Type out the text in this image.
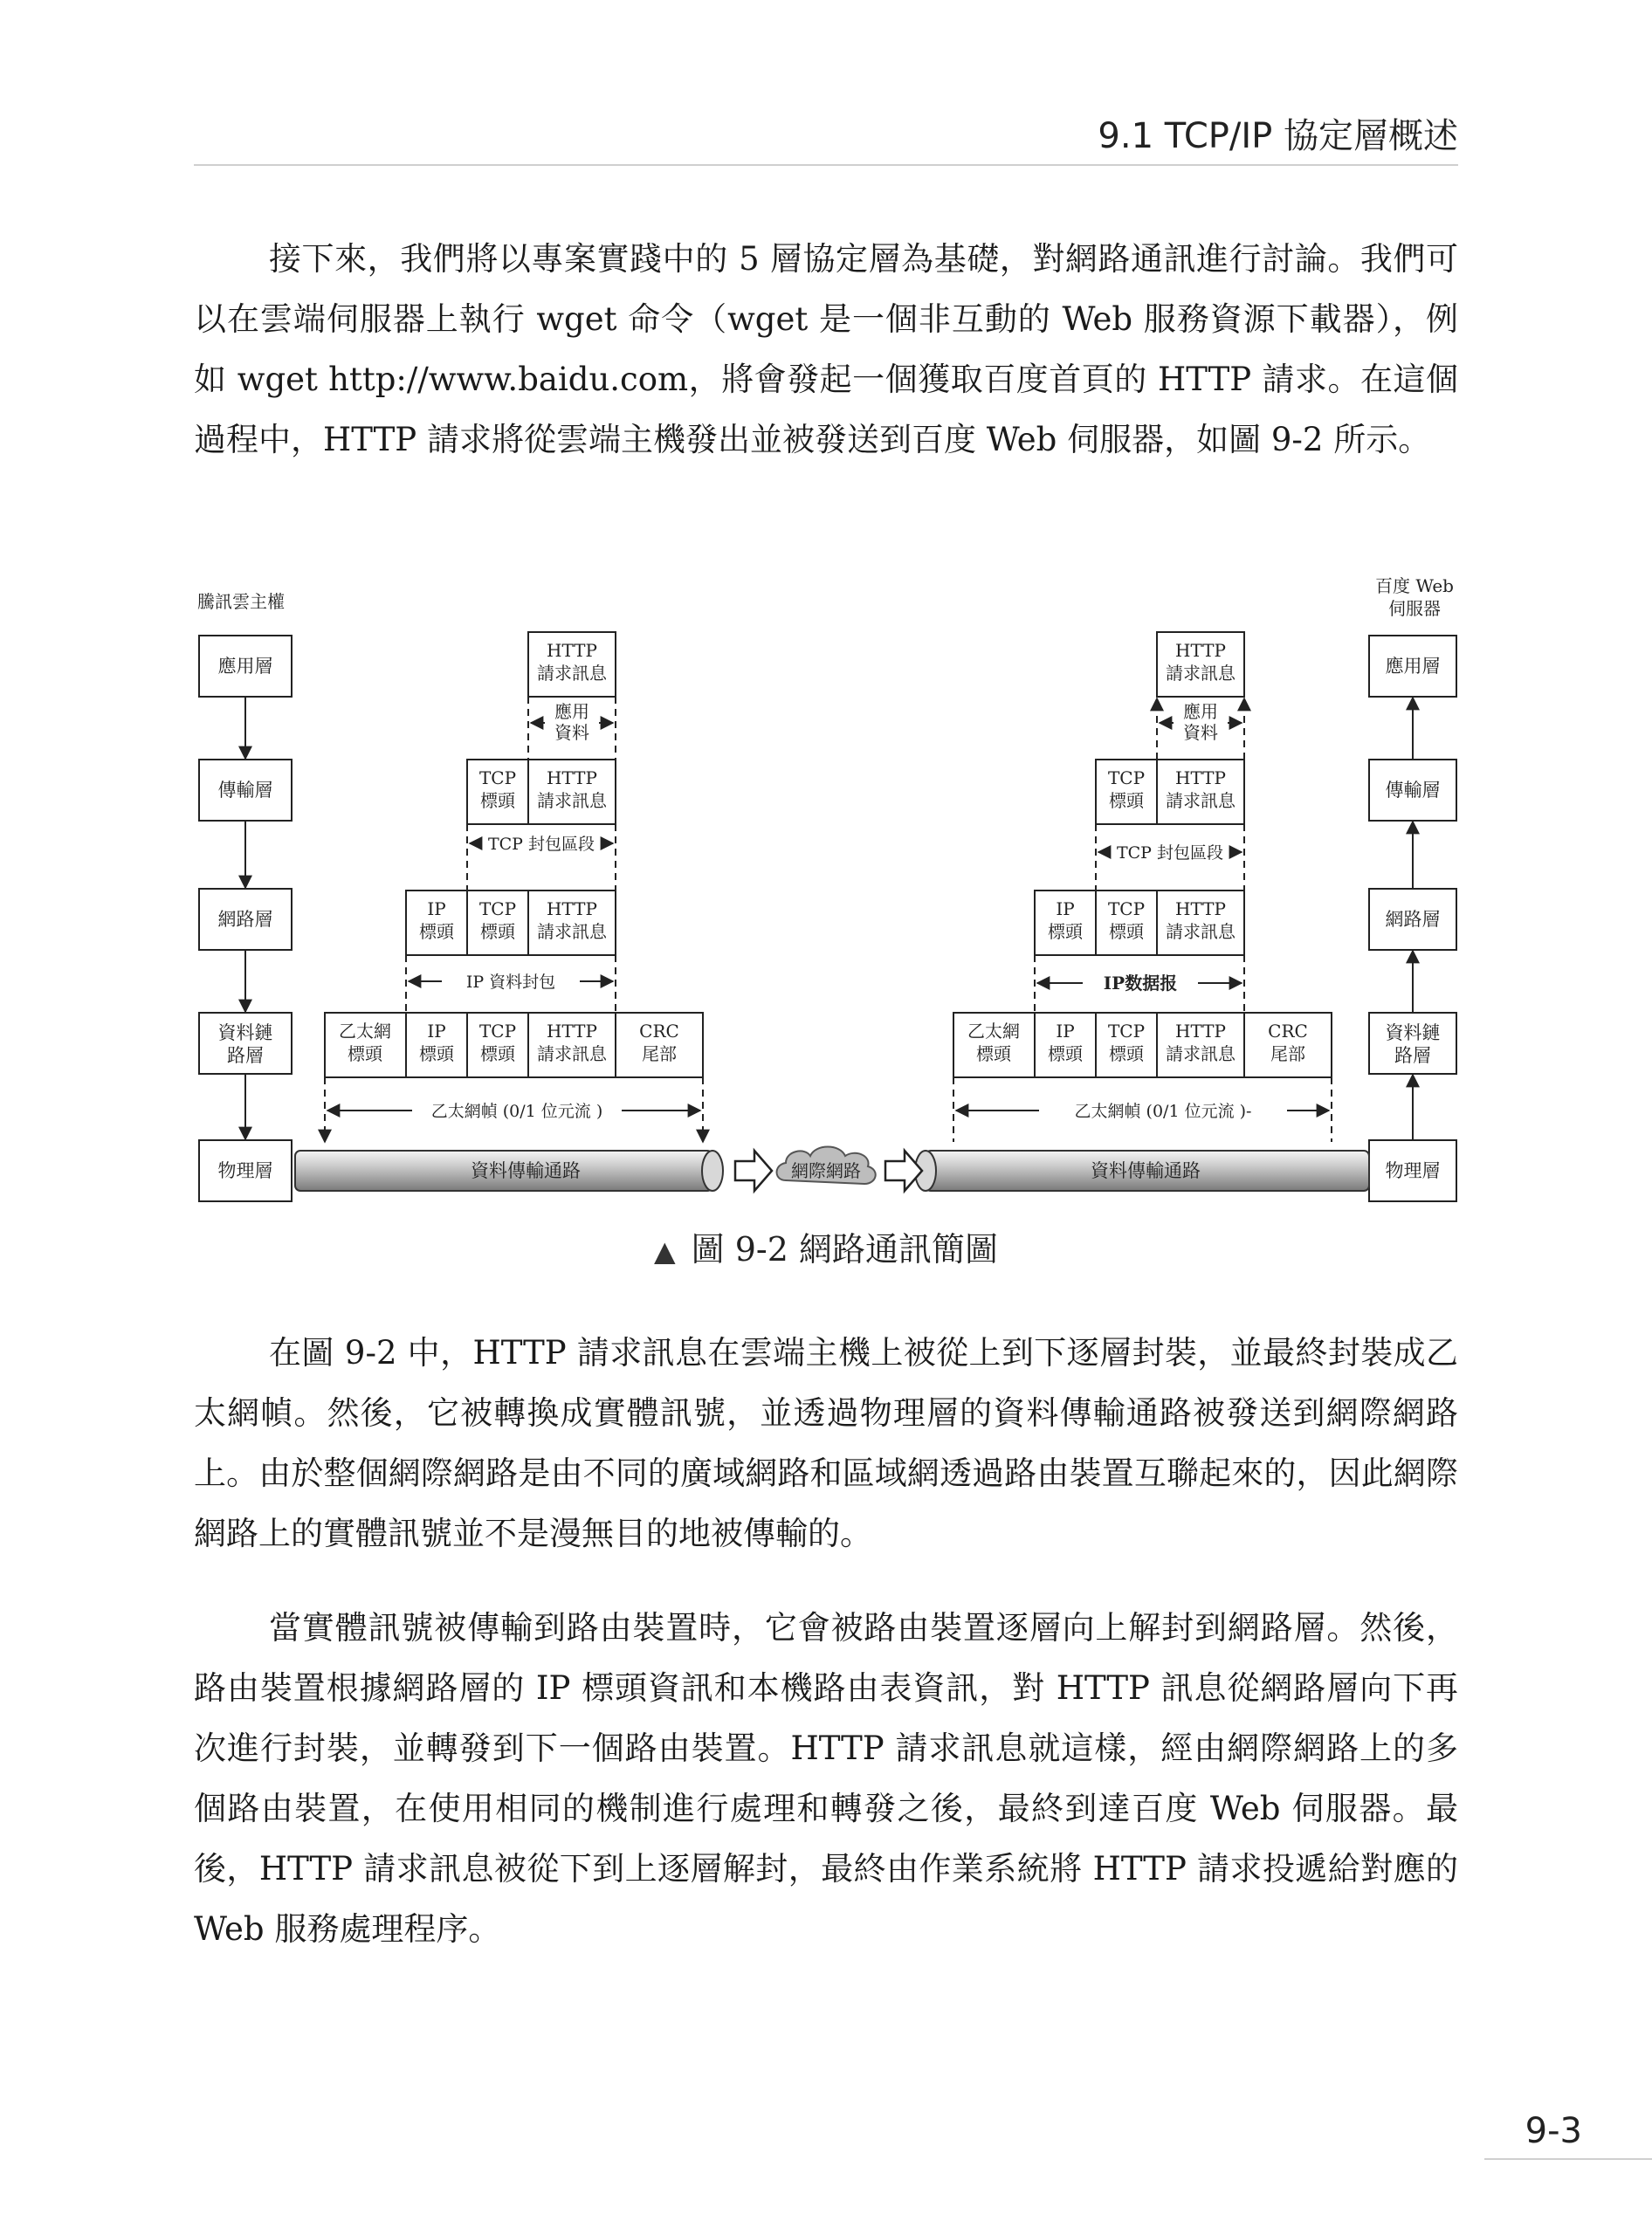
9.1 TCP/IP 協定層概述

接下來，我們將以專案實踐中的 5 層協定層為基礎，對網路通訊進行討論。我們可以在雲端伺服器上執行 wget 命令（wget 是一個非互動的 Web 服務資源下載器），例如 wget http://www.baidu.com，將會發起一個獲取百度首頁的 HTTP 請求。在這個過程中，HTTP 請求將從雲端主機發出並被發送到百度 Web 伺服器，如圖 9-2 所示。

騰訊雲主權
百度 Web
伺服器
應用層
傳輸層
網路層
資料鏈
路層
物理層
應用層
傳輸層
網路層
資料鏈
路層
物理層
HTTP
請求訊息
應用
資料
TCP
標頭
HTTP
請求訊息
TCP 封包區段
IP
標頭
TCP
標頭
HTTP
請求訊息
IP 資料封包
乙太網
標頭
IP
標頭
TCP
標頭
HTTP
請求訊息
CRC
尾部
乙太網幀 (0/1 位元流 )
HTTP
請求訊息
應用
資料
TCP
標頭
HTTP
請求訊息
TCP 封包區段
IP
標頭
TCP
標頭
HTTP
請求訊息
IP数据报
乙太網
標頭
IP
標頭
TCP
標頭
HTTP
請求訊息
CRC
尾部
乙太網幀 (0/1 位元流 )-
資料傳輸通路	資料傳輸通路
網際網路
▲ 圖 9-2 網路通訊簡圖

在圖 9-2 中，HTTP 請求訊息在雲端主機上被從上到下逐層封裝，並最終封裝成乙太網幀。然後，它被轉換成實體訊號，並透過物理層的資料傳輸通路被發送到網際網路上。由於整個網際網路是由不同的廣域網路和區域網透過路由裝置互聯起來的，因此網際網路上的實體訊號並不是漫無目的地被傳輸的。

當實體訊號被傳輸到路由裝置時，它會被路由裝置逐層向上解封到網路層。然後，路由裝置根據網路層的 IP 標頭資訊和本機路由表資訊，對 HTTP 訊息從網路層向下再次進行封裝，並轉發到下一個路由裝置。HTTP 請求訊息就這樣，經由網際網路上的多個路由裝置，在使用相同的機制進行處理和轉發之後，最終到達百度 Web 伺服器。最後，HTTP 請求訊息被從下到上逐層解封，最終由作業系統將 HTTP 請求投遞給對應的 Web 服務處理程序。

9-3
